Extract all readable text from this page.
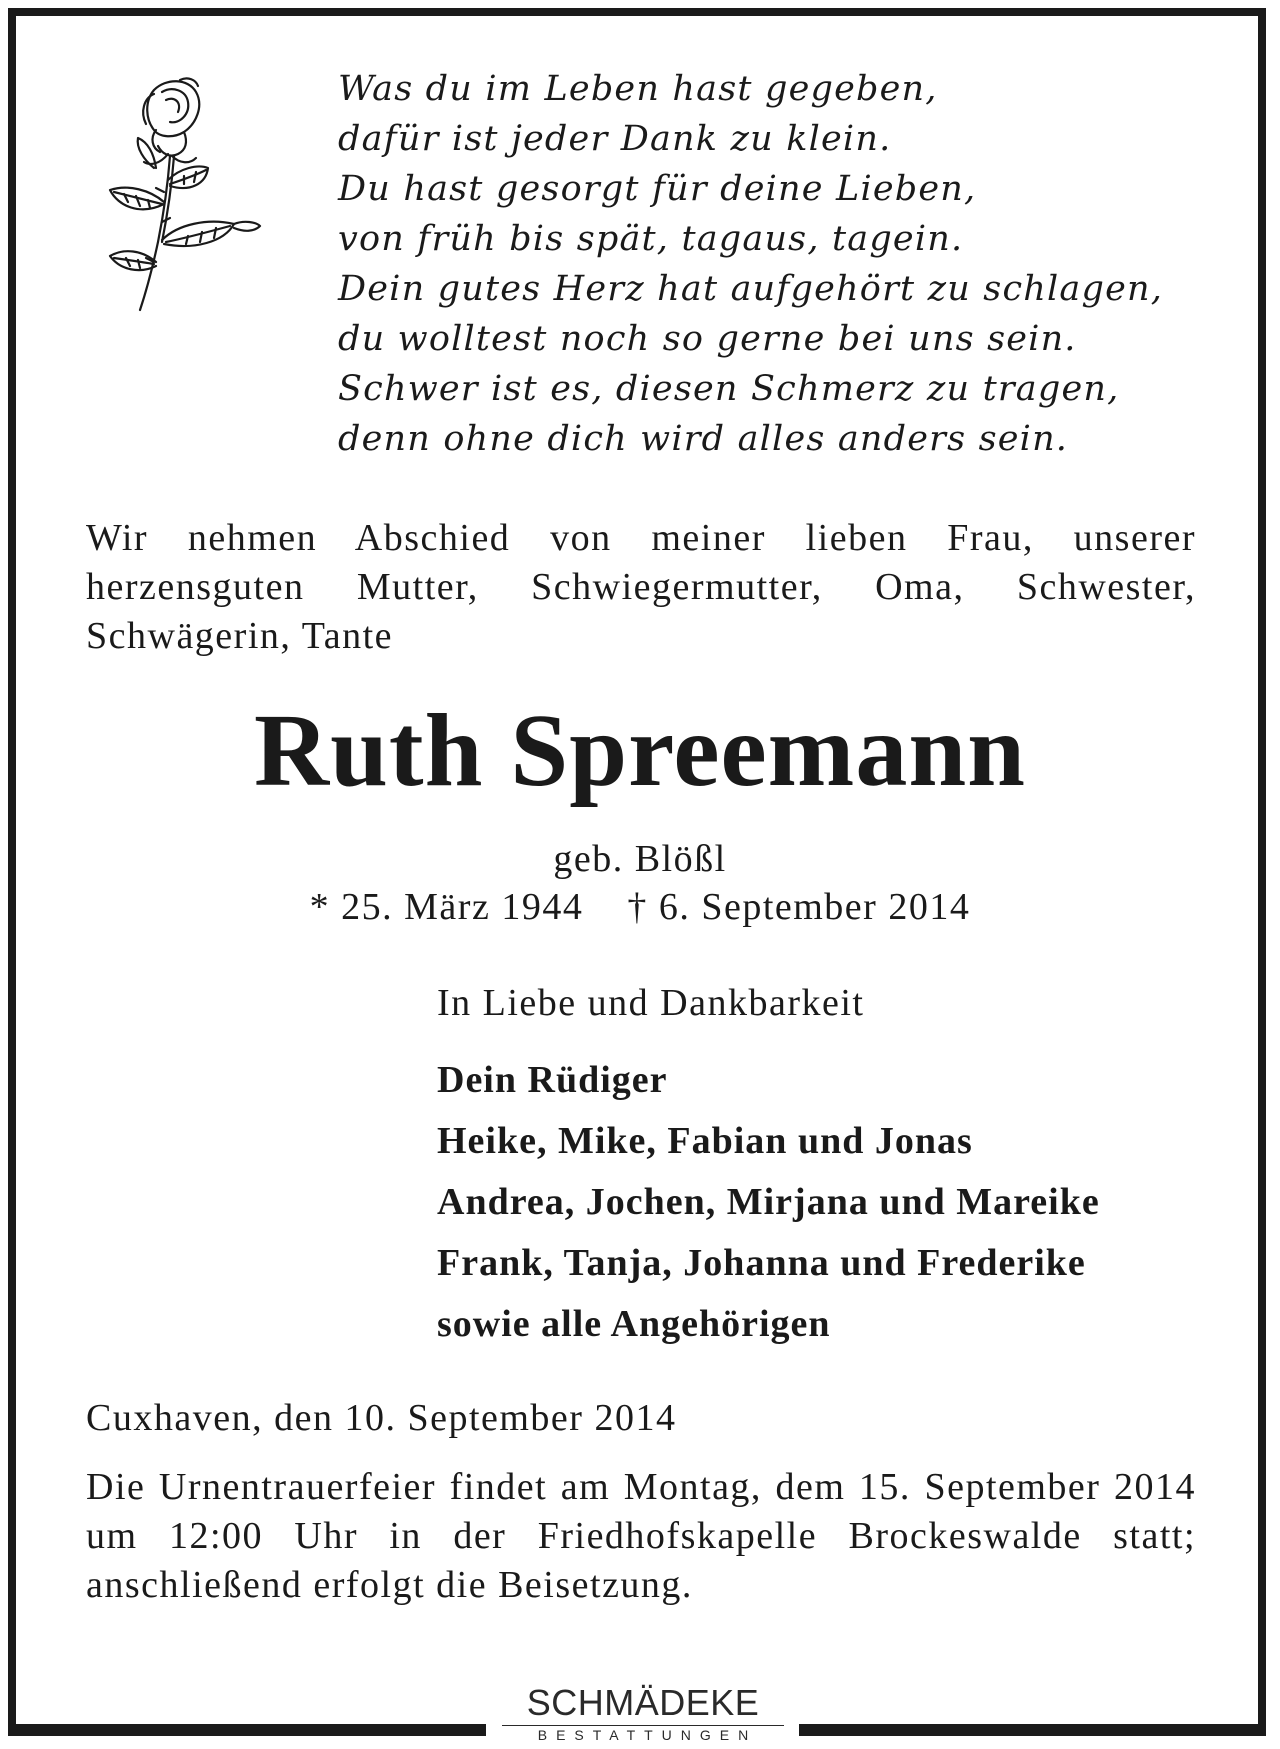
Was du im Leben hast gegeben,
dafür ist jeder Dank zu klein.
Du hast gesorgt für deine Lieben,
von früh bis spät, tagaus, tagein.
Dein gutes Herz hat aufgehört zu schlagen,
du wolltest noch so gerne bei uns sein.
Schwer ist es, diesen Schmerz zu tragen,
denn ohne dich wird alles anders sein.
Wir nehmen Abschied von meiner lieben Frau, unserer herzensguten Mutter, Schwiegermutter, Oma, Schwester, Schwägerin, Tante
Ruth Spreemann
geb. Blößl
* 25. März 1944 † 6. September 2014
In Liebe und Dankbarkeit
Dein Rüdiger
Heike, Mike, Fabian und Jonas
Andrea, Jochen, Mirjana und Mareike
Frank, Tanja, Johanna und Frederike
sowie alle Angehörigen
Cuxhaven, den 10. September 2014
Die Urnentrauerfeier findet am Montag, dem 15. September 2014 um 12:00 Uhr in der Friedhofskapelle Brockeswalde statt; anschließend erfolgt die Beisetzung.
SCHMÄDEKE
BESTATTUNGEN
